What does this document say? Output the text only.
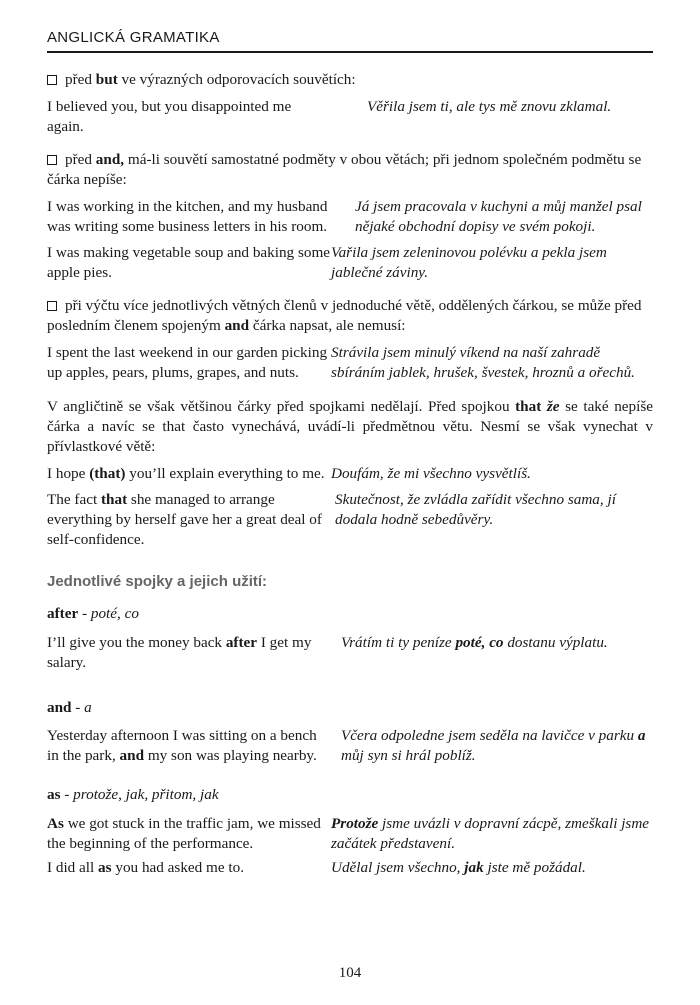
ANGLICKÁ GRAMATIKA

před but ve výrazných odporovacích souvětích:

I believed you, but you disappointed me again.
Věřila jsem ti, ale tys mě znovu zklamal.

před and, má-li souvětí samostatné podměty v obou větách; při jednom společném podmětu se čárka nepíše:

I was working in the kitchen, and my husband was writing some business letters in his room.
Já jsem pracovala v kuchyni a můj manžel psal nějaké obchodní dopisy ve svém pokoji.
I was making vegetable soup and baking some apple pies.
Vařila jsem zeleninovou polévku a pekla jsem jablečné záviny.

při výčtu více jednotlivých větných členů v jednoduché větě, oddělených čárkou, se může před posledním členem spojeným and čárka napsat, ale nemusí:

I spent the last weekend in our garden picking up apples, pears, plums, grapes, and nuts.
Strávila jsem minulý víkend na naší zahradě sbíráním jablek, hrušek, švestek, hroznů a ořechů.

V angličtině se však většinou čárky před spojkami nedělají. Před spojkou that že se také nepíše čárka a navíc se that často vynechává, uvádí-li předmětnou větu. Nesmí se však vynechat v přívlastkové větě:

I hope (that) you’ll explain everything to me. Doufám, že mi všechno vysvětlíš.
The fact that she managed to arrange everything by herself gave her a great deal of self-confidence.
Skutečnost, že zvládla zařídit všechno sama, jí dodala hodně sebedůvěry.

Jednotlivé spojky a jejich užití:

after - poté, co

I’ll give you the money back after I get my salary.
Vrátím ti ty peníze poté, co dostanu výplatu.

and - a

Yesterday afternoon I was sitting on a bench in the park, and my son was playing nearby.
Včera odpoledne jsem seděla na lavičce v parku a můj syn si hrál poblíž.

as - protože, jak, přitom, jak

As we got stuck in the traffic jam, we missed the beginning of the performance.
Protože jsme uvázli v dopravní zácpě, zmeškali jsme začátek představení.
I did all as you had asked me to.	Udělal jsem všechno, jak jste mě požádal.
104
